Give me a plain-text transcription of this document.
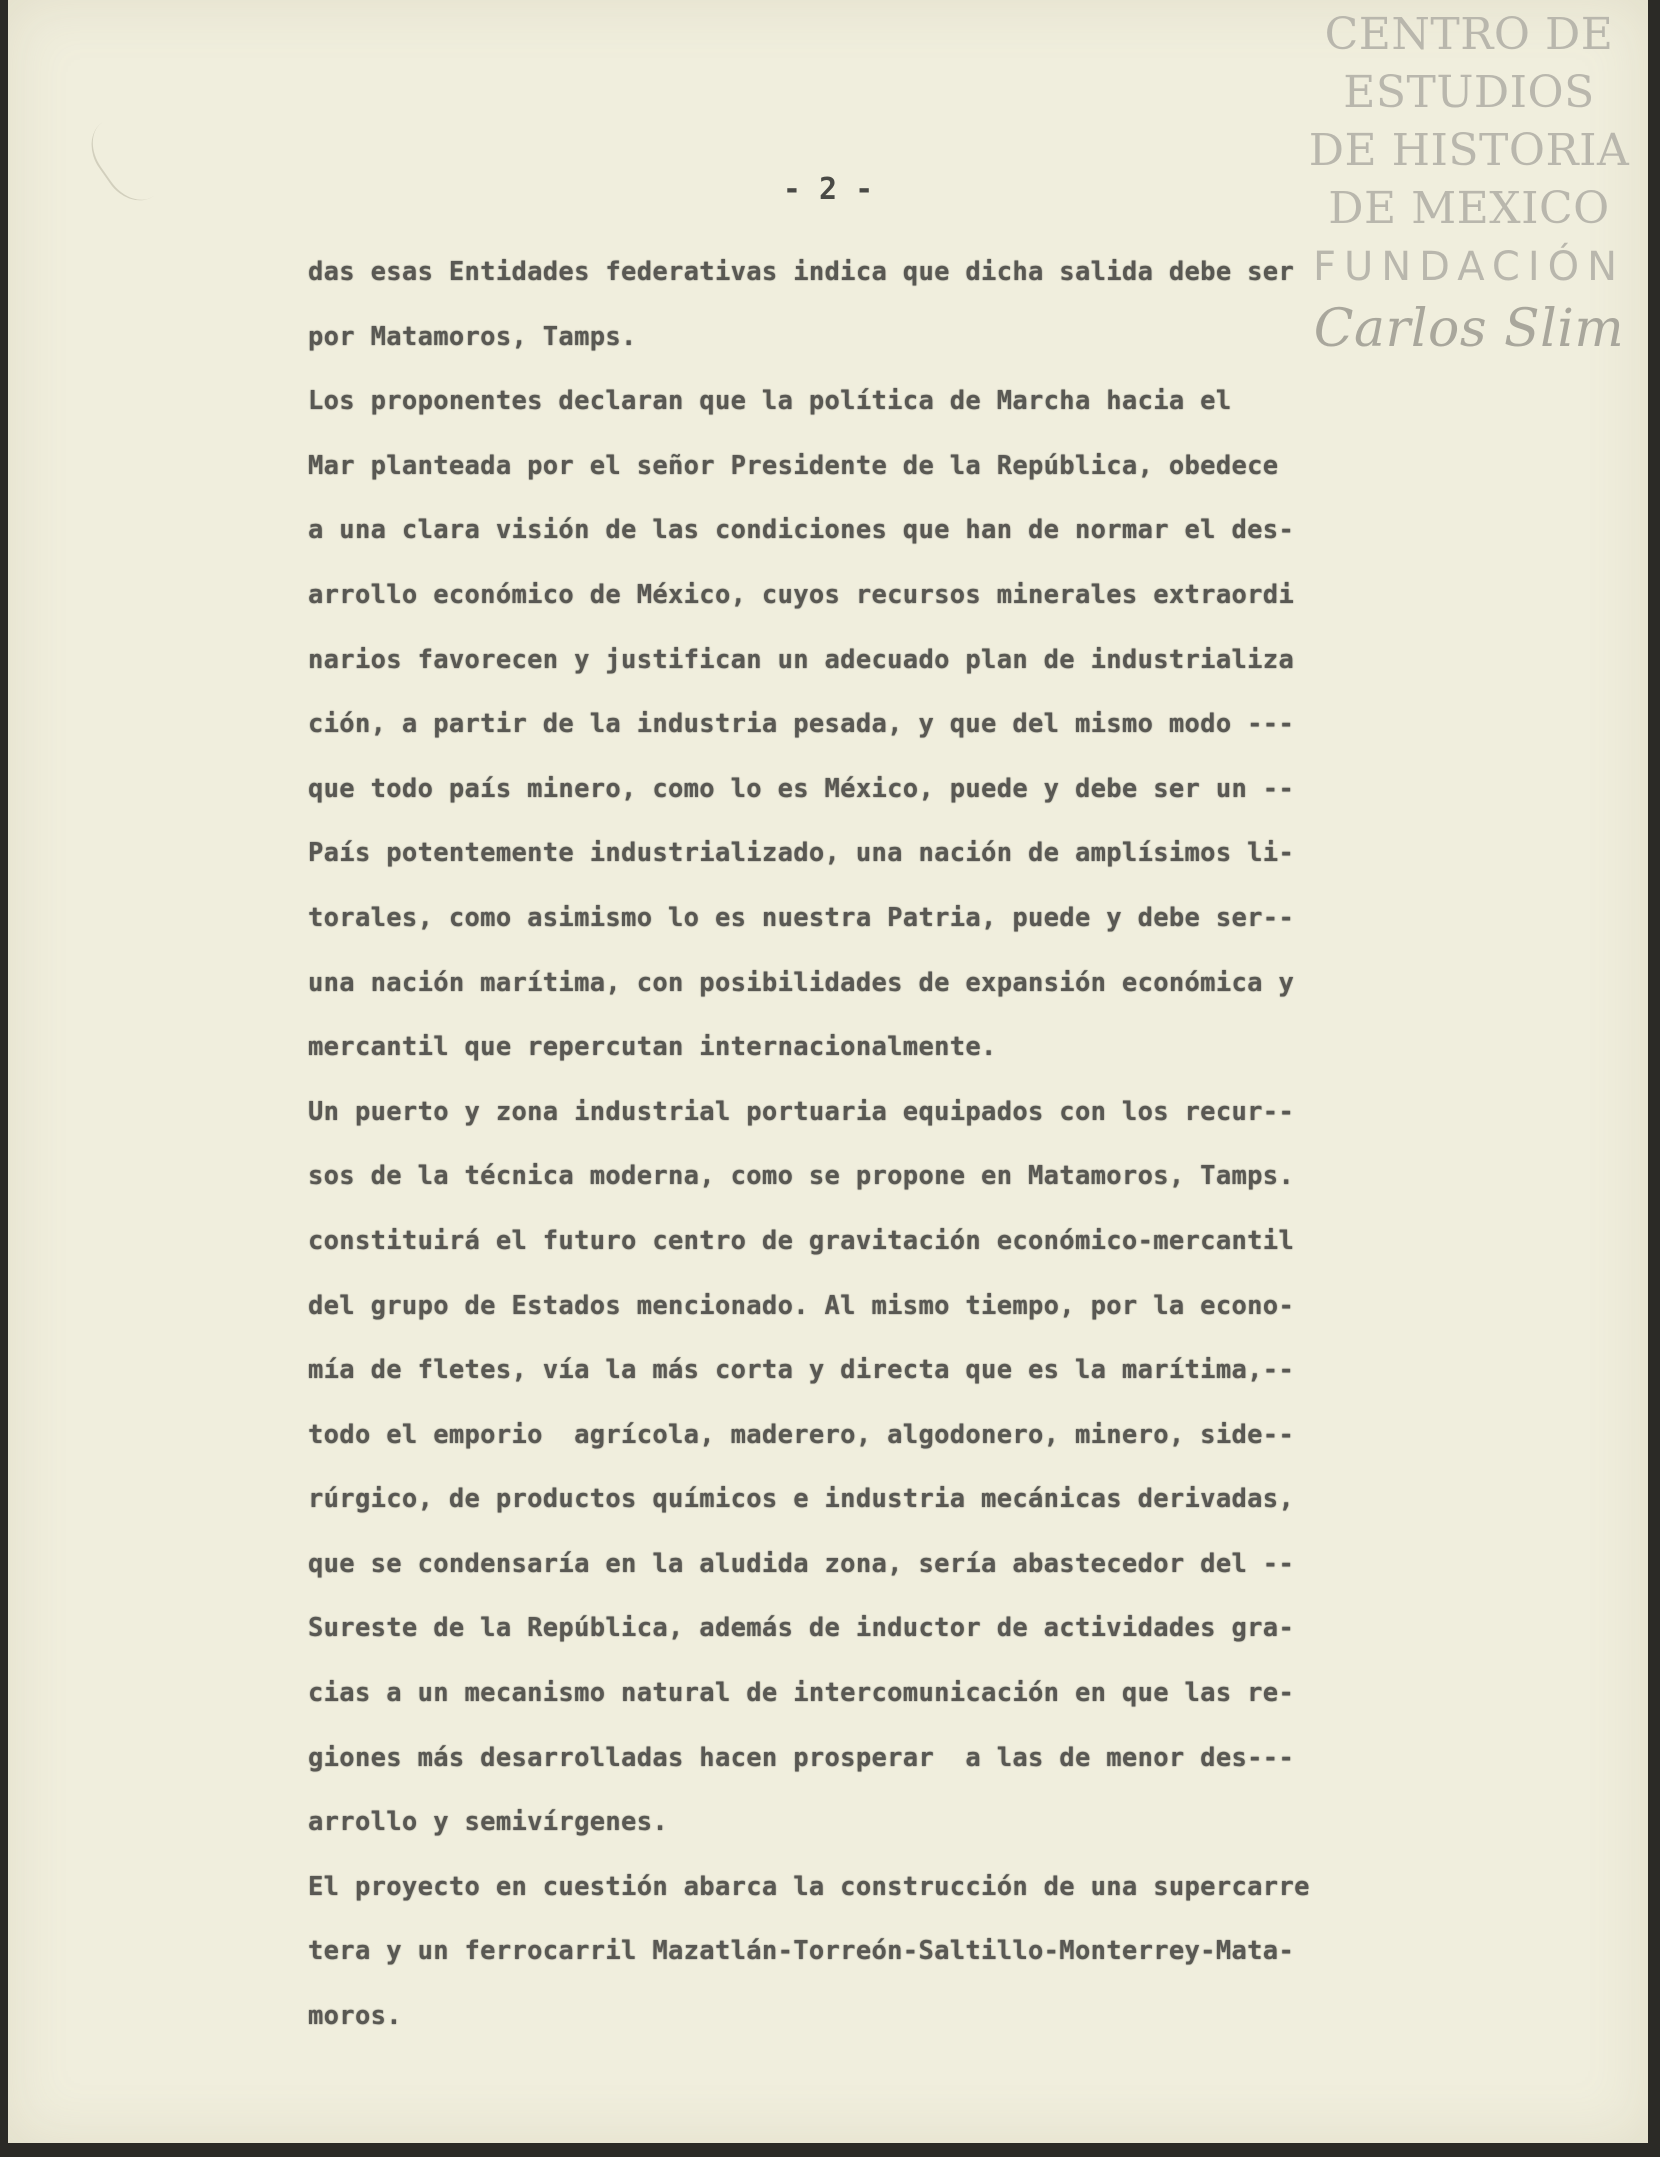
CENTRO DE
ESTUDIOS
DE HISTORIA
DE MEXICO
FUNDACIÓN
Carlos Slim
- 2 -
das esas Entidades federativas indica que dicha salida debe ser
por Matamoros, Tamps.
Los proponentes declaran que la política de Marcha hacia el
Mar planteada por el señor Presidente de la República, obedece
a una clara visión de las condiciones que han de normar el des-
arrollo económico de México, cuyos recursos minerales extraordi
narios favorecen y justifican un adecuado plan de industrializa
ción, a partir de la industria pesada, y que del mismo modo ---
que todo país minero, como lo es México, puede y debe ser un --
País potentemente industrializado, una nación de amplísimos li-
torales, como asimismo lo es nuestra Patria, puede y debe ser--
una nación marítima, con posibilidades de expansión económica y
mercantil que repercutan internacionalmente.
Un puerto y zona industrial portuaria equipados con los recur--
sos de la técnica moderna, como se propone en Matamoros, Tamps.
constituirá el futuro centro de gravitación económico-mercantil
del grupo de Estados mencionado. Al mismo tiempo, por la econo-
mía de fletes, vía la más corta y directa que es la marítima,--
todo el emporio  agrícola, maderero, algodonero, minero, side--
rúrgico, de productos químicos e industria mecánicas derivadas,
que se condensaría en la aludida zona, sería abastecedor del --
Sureste de la República, además de inductor de actividades gra-
cias a un mecanismo natural de intercomunicación en que las re-
giones más desarrolladas hacen prosperar  a las de menor des---
arrollo y semivírgenes.
El proyecto en cuestión abarca la construcción de una supercarre
tera y un ferrocarril Mazatlán-Torreón-Saltillo-Monterrey-Mata-
moros.
